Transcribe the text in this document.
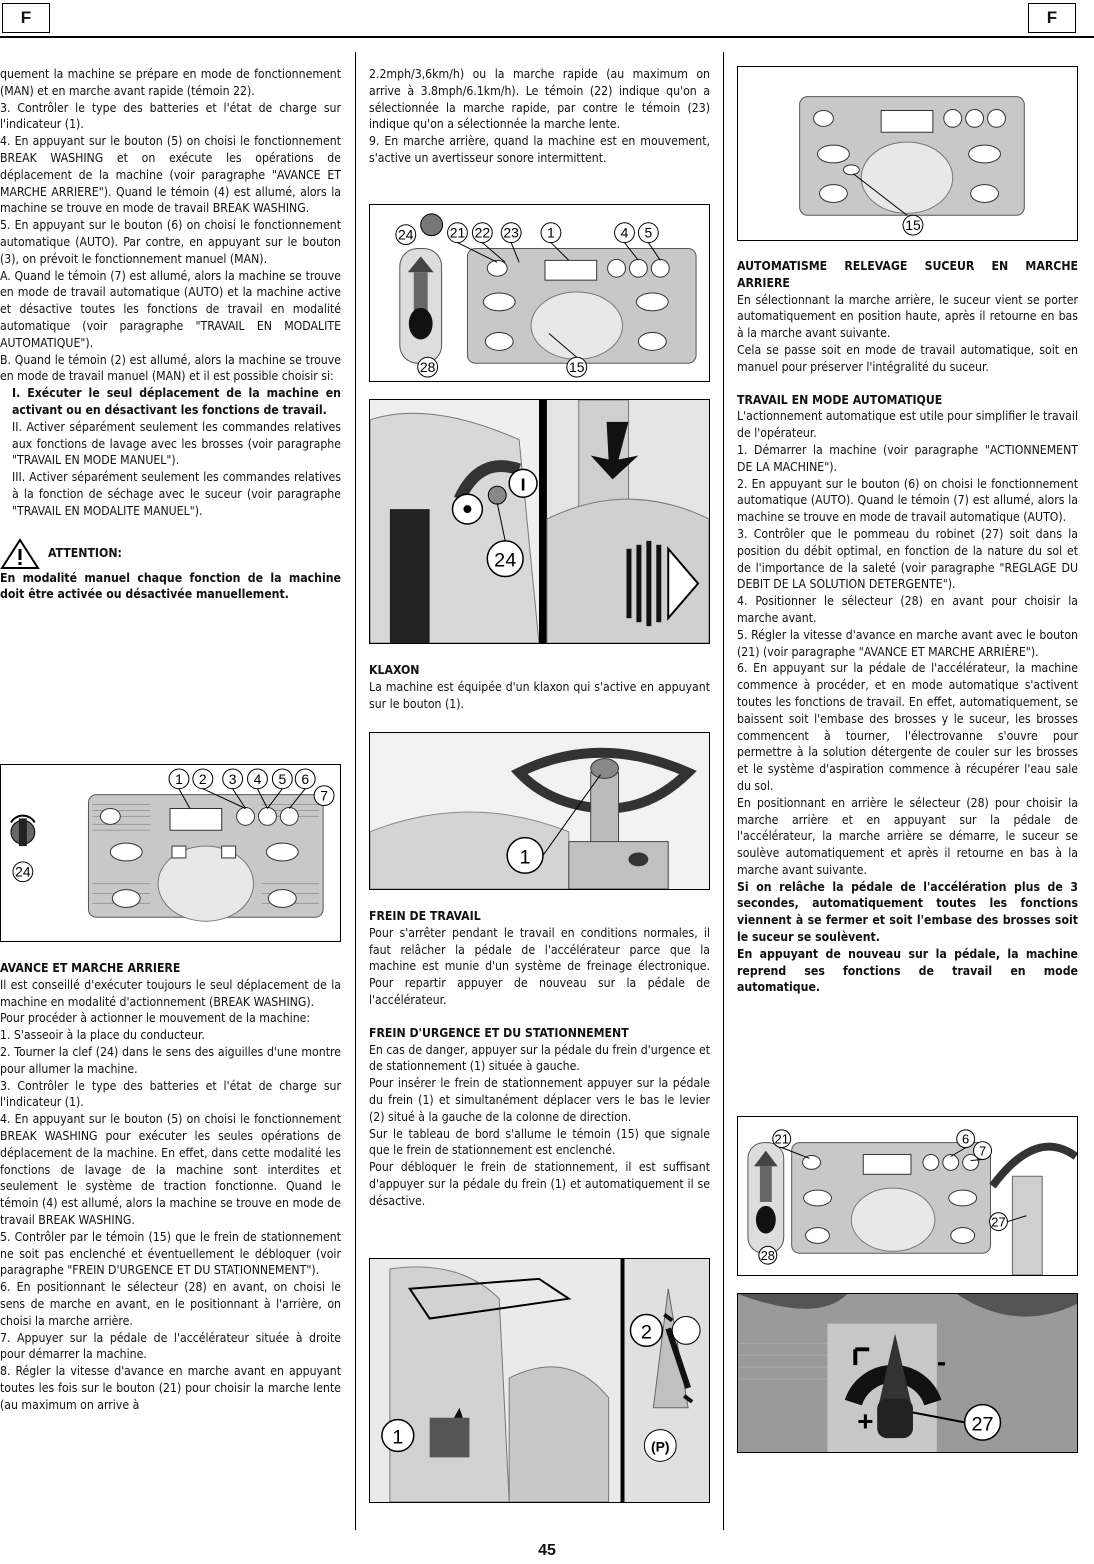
F	F

quement la machine se prépare en mode de fonctionnement (MAN) et en marche avant rapide (témoin 22).

3. Contrôler le type des batteries et l'état de charge sur l'indicateur (1).

4. En appuyant sur le bouton (5) on choisi le fonctionnement BREAK WASHING et on exécute les opérations de déplacement de la machine (voir paragraphe "AVANCE ET MARCHE ARRIERE"). Quand le témoin (4) est allumé, alors la machine se trouve en mode de travail BREAK WASHING.

5. En appuyant sur le bouton (6) on choisi le fonctionnement automatique (AUTO). Par contre, en appuyant sur le bouton (3), on prévoit le fonctionnement manuel (MAN).

A. Quand le témoin (7) est allumé, alors la machine se trouve en mode de travail automatique (AUTO) et la machine active et désactive toutes les fonctions de travail en modalité automatique (voir paragraphe "TRAVAIL EN MODALITE AUTOMATIQUE").

B. Quand le témoin (2) est allumé, alors la machine se trouve en mode de travail manuel (MAN) et il est possible choisir si:

I. Exécuter le seul déplacement de la machine en activant ou en désactivant les fonctions de travail.

II. Activer séparément seulement les commandes relatives aux fonctions de lavage avec les brosses (voir paragraphe "TRAVAIL EN MODE MANUEL").

III. Activer séparément seulement les commandes relatives à la fonction de séchage avec le suceur (voir paragraphe "TRAVAIL EN MODALITE MANUEL").

ATTENTION:

En modalité manuel chaque fonction de la machine doit être activée ou désactivée manuellement.

1 2 3 4 5 6
7
24

AVANCE ET MARCHE ARRIERE

Il est conseillé d'exécuter toujours le seul déplacement de la machine en modalité d'actionnement (BREAK WASHING).

Pour procéder à actionner le mouvement de la machine:

1. S'asseoir à la place du conducteur.

2. Tourner la clef (24) dans le sens des aiguilles d'une montre pour allumer la machine.

3. Contrôler le type des batteries et l'état de charge sur l'indicateur (1).

4. En appuyant sur le bouton (5) on choisi le fonctionnement BREAK WASHING pour exécuter les seules opérations de déplacement de la machine. En effet, dans cette modalité les fonctions de lavage de la machine sont interdites et seulement le système de traction fonctionne. Quand le témoin (4) est allumé, alors la machine se trouve en mode de travail BREAK WASHING.

5. Contrôler par le témoin (15) que le frein de stationnement ne soit pas enclenché et éventuellement le débloquer (voir paragraphe "FREIN D'URGENCE ET DU STATIONNEMENT").

6. En positionnant le sélecteur (28) en avant, on choisi le sens de marche en avant, en le positionnant à l'arrière, on choisi la marche arrière.

7. Appuyer sur la pédale de l'accélérateur située à droite pour démarrer la machine.

8. Régler la vitesse d'avance en marche avant en appuyant toutes les fois sur le bouton (21) pour choisir la marche lente (au maximum on arrive à

2.2mph/3,6km/h) ou la marche rapide (au maximum on arrive à 3.8mph/6.1km/h). Le témoin (22) indique qu'on a sélectionnée la marche rapide, par contre le témoin (23) indique qu'on a sélectionnée la marche lente.

9. En marche arrière, quand la machine est en mouvement, s'active un avertisseur sonore intermittent.

24	21 22 23 1	4 5
28	15
I
24

KLAXON

La machine est équipée d'un klaxon qui s'active en appuyant sur le bouton (1).

1

FREIN DE TRAVAIL

Pour s'arrêter pendant le travail en conditions normales, il faut relâcher la pédale de l'accélérateur parce que la machine est munie d'un système de freinage électronique. Pour repartir appuyer de nouveau sur la pédale de l'accélérateur.

FREIN D'URGENCE ET DU STATIONNEMENT

En cas de danger, appuyer sur la pédale du frein d'urgence et de stationnement (1) située à gauche.

Pour insérer le frein de stationnement appuyer sur la pédale du frein (1) et simultanément déplacer vers le bas le levier (2) situé à la gauche de la colonne de direction.

Sur le tableau de bord s'allume le témoin (15) que signale que le frein de stationnement est enclenché.

Pour débloquer le frein de stationnement, il est suffisant d'appuyer sur la pédale du frein (1) et automatiquement il se désactive.

1
2
(P)
15

AUTOMATISME RELEVAGE SUCEUR EN MARCHE ARRIERE

En sélectionnant la marche arrière, le suceur vient se porter automatiquement en position haute, après il retourne en bas à la marche avant suivante.

Cela se passe soit en mode de travail automatique, soit en manuel pour préserver l'intégralité du suceur.

TRAVAIL EN MODE AUTOMATIQUE

L'actionnement automatique est utile pour simplifier le travail de l'opérateur.

1. Démarrer la machine (voir paragraphe "ACTIONNEMENT DE LA MACHINE").

2. En appuyant sur le bouton (6) on choisi le fonctionnement automatique (AUTO). Quand le témoin (7) est allumé, alors la machine se trouve en mode de travail automatique (AUTO).

3. Contrôler que le pommeau du robinet (27) soit dans la position du débit optimal, en fonction de la nature du sol et de l'importance de la saleté (voir paragraphe "REGLAGE DU DEBIT DE LA SOLUTION DETERGENTE").

4. Positionner le sélecteur (28) en avant pour choisir la marche avant.

5. Régler la vitesse d'avance en marche avant avec le bouton (21) (voir paragraphe "AVANCE ET MARCHE ARRIÈRE").

6. En appuyant sur la pédale de l'accélérateur, la machine commence à procéder, et en mode automatique s'activent toutes les fonctions de travail. En effet, automatiquement, se baissent soit l'embase des brosses y le suceur, les brosses commencent à tourner, l'électrovanne s'ouvre pour permettre à la solution détergente de couler sur les brosses et le système d'aspiration commence à récupérer l'eau sale du sol.

En positionnant en arrière le sélecteur (28) pour choisir la marche arrière et en appuyant sur la pédale de l'accélérateur, la marche arrière se démarre, le suceur se soulève automatiquement et après il retourne en bas à la marche avant suivante.

Si on relâche la pédale de l'accélération plus de 3 secondes, automatiquement toutes les fonctions viennent à se fermer et soit l'embase des brosses soit le suceur se soulèvent.

En appuyant de nouveau sur la pédale, la machine reprend ses fonctions de travail en mode automatique.

21	6
7
27
28
+
-
27
45
